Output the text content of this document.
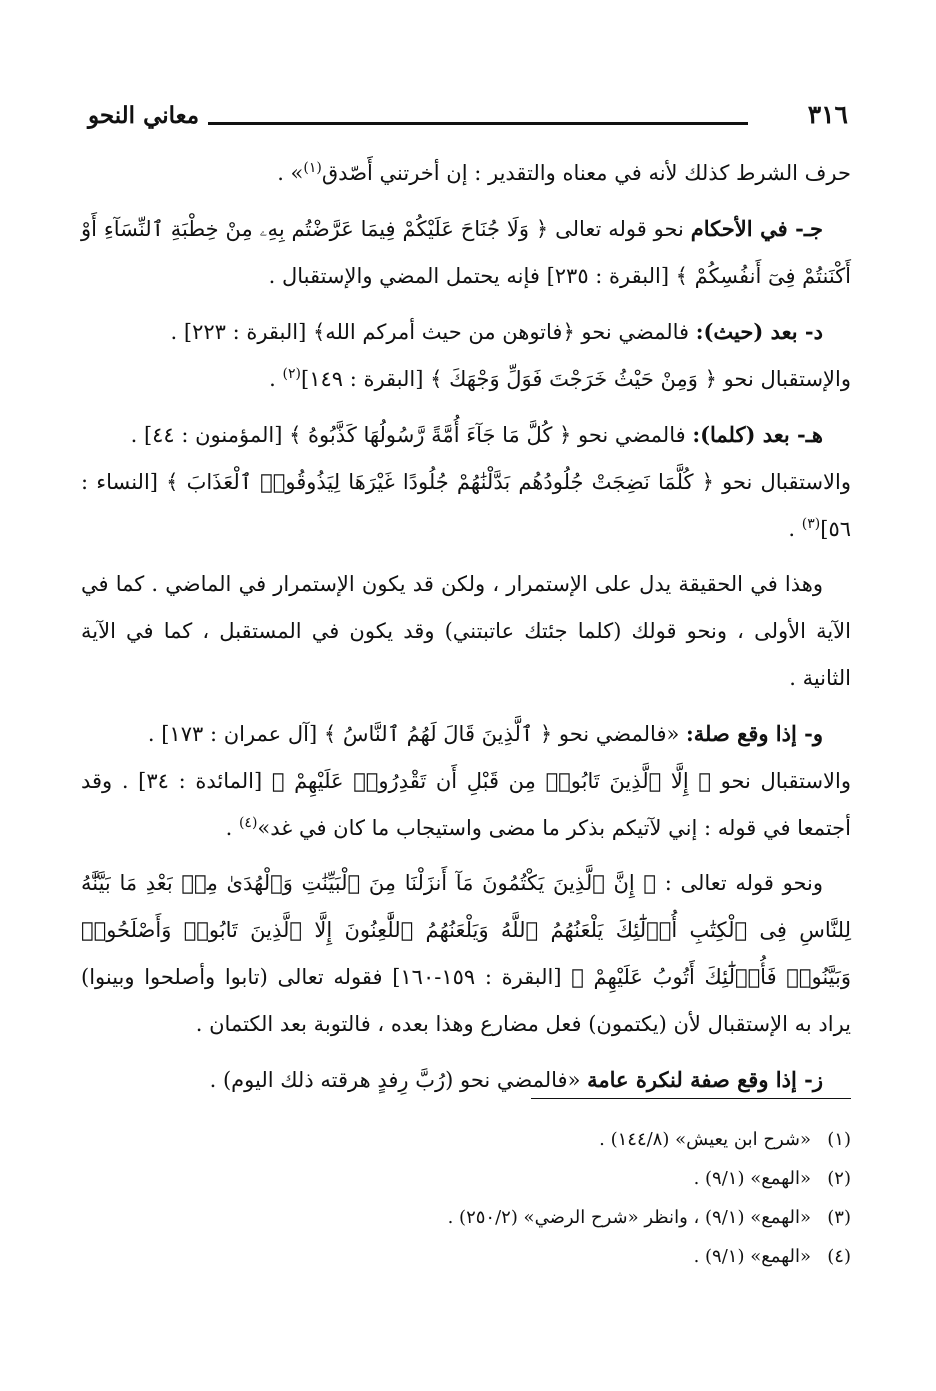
٣١٦
معاني النحو

حرف الشرط كذلك لأنه في معناه والتقدير : إن أخرتني أَصّدق$^{(١)}$» .

جـ- في الأحكام نحو قوله تعالى ﴿ وَلَا جُنَاحَ عَلَيْكُمْ فِيمَا عَرَّضْتُم بِهِۦ مِنْ خِطْبَةِ ٱلنِّسَآءِ أَوْ أَكْنَنتُمْ فِىٓ أَنفُسِكُمْ ﴾ [البقرة : ٢٣٥] فإنه يحتمل المضي والإستقبال .

د- بعد (حيث): فالمضي نحو ﴿فاتوهن من حيث أمركم الله﴾ [البقرة : ٢٢٣] .

والإستقبال نحو ﴿ وَمِنْ حَيْثُ خَرَجْتَ فَوَلِّ وَجْهَكَ ﴾ [البقرة : ١٤٩]$^{(٢)}$ .

هـ- بعد (كلما): فالمضي نحو ﴿ كُلَّ مَا جَآءَ أُمَّةً رَّسُولُهَا كَذَّبُوهُ ﴾ [المؤمنون : ٤٤] .

والاستقبال نحو ﴿ كُلَّمَا نَضِجَتْ جُلُودُهُم بَدَّلْنَٰهُمْ جُلُودًا غَيْرَهَا لِيَذُوقُوا۟ ٱلْعَذَابَ ﴾ [النساء : ٥٦]$^{(٣)}$ .

وهذا في الحقيقة يدل على الإستمرار ، ولكن قد يكون الإستمرار في الماضي . كما في الآية الأولى ، ونحو قولك (كلما جئتك عاتبتني) وقد يكون في المستقبل ، كما في الآية الثانية .

و- إذا وقع صلة: «فالمضي نحو ﴿ ٱلَّذِينَ قَالَ لَهُمُ ٱلنَّاسُ ﴾ [آل عمران : ١٧٣] .

والاستقبال نحو ﴿ إِلَّا ٱلَّذِينَ تَابُوا۟ مِن قَبْلِ أَن تَقْدِرُوا۟ عَلَيْهِمْ ﴾ [المائدة : ٣٤] . وقد أجتمعا في قوله : إني لآتيكم بذكر ما مضى واستيجاب ما كان في غد»$^{(٤)}$ .

ونحو قوله تعالى : ﴿ إِنَّ ٱلَّذِينَ يَكْتُمُونَ مَآ أَنزَلْنَا مِنَ ٱلْبَيِّنَٰتِ وَٱلْهُدَىٰ مِنۢ بَعْدِ مَا بَيَّنَّٰهُ لِلنَّاسِ فِى ٱلْكِتَٰبِ أُو۟لَٰٓئِكَ يَلْعَنُهُمُ ٱللَّهُ وَيَلْعَنُهُمُ ٱللَّٰعِنُونَ إِلَّا ٱلَّذِينَ تَابُوا۟ وَأَصْلَحُوا۟ وَبَيَّنُوا۟ فَأُو۟لَٰٓئِكَ أَتُوبُ عَلَيْهِمْ ﴾ [البقرة : ١٥٩-١٦٠] فقوله تعالى (تابوا وأصلحوا وبينوا) يراد به الإستقبال لأن (يكتمون) فعل مضارع وهذا بعده ، فالتوبة بعد الكتمان .

ز- إذا وقع صفة لنكرة عامة «فالمضي نحو (رُبَّ رِفدٍ هرقته ذلك اليوم) .

(١)«شرح ابن يعيش» (١٤٤/٨) .

(٢)«الهمع» (٩/١) .

(٣)«الهمع» (٩/١) ، وانظر «شرح الرضي» (٢٥٠/٢) .

(٤)«الهمع» (٩/١) .
